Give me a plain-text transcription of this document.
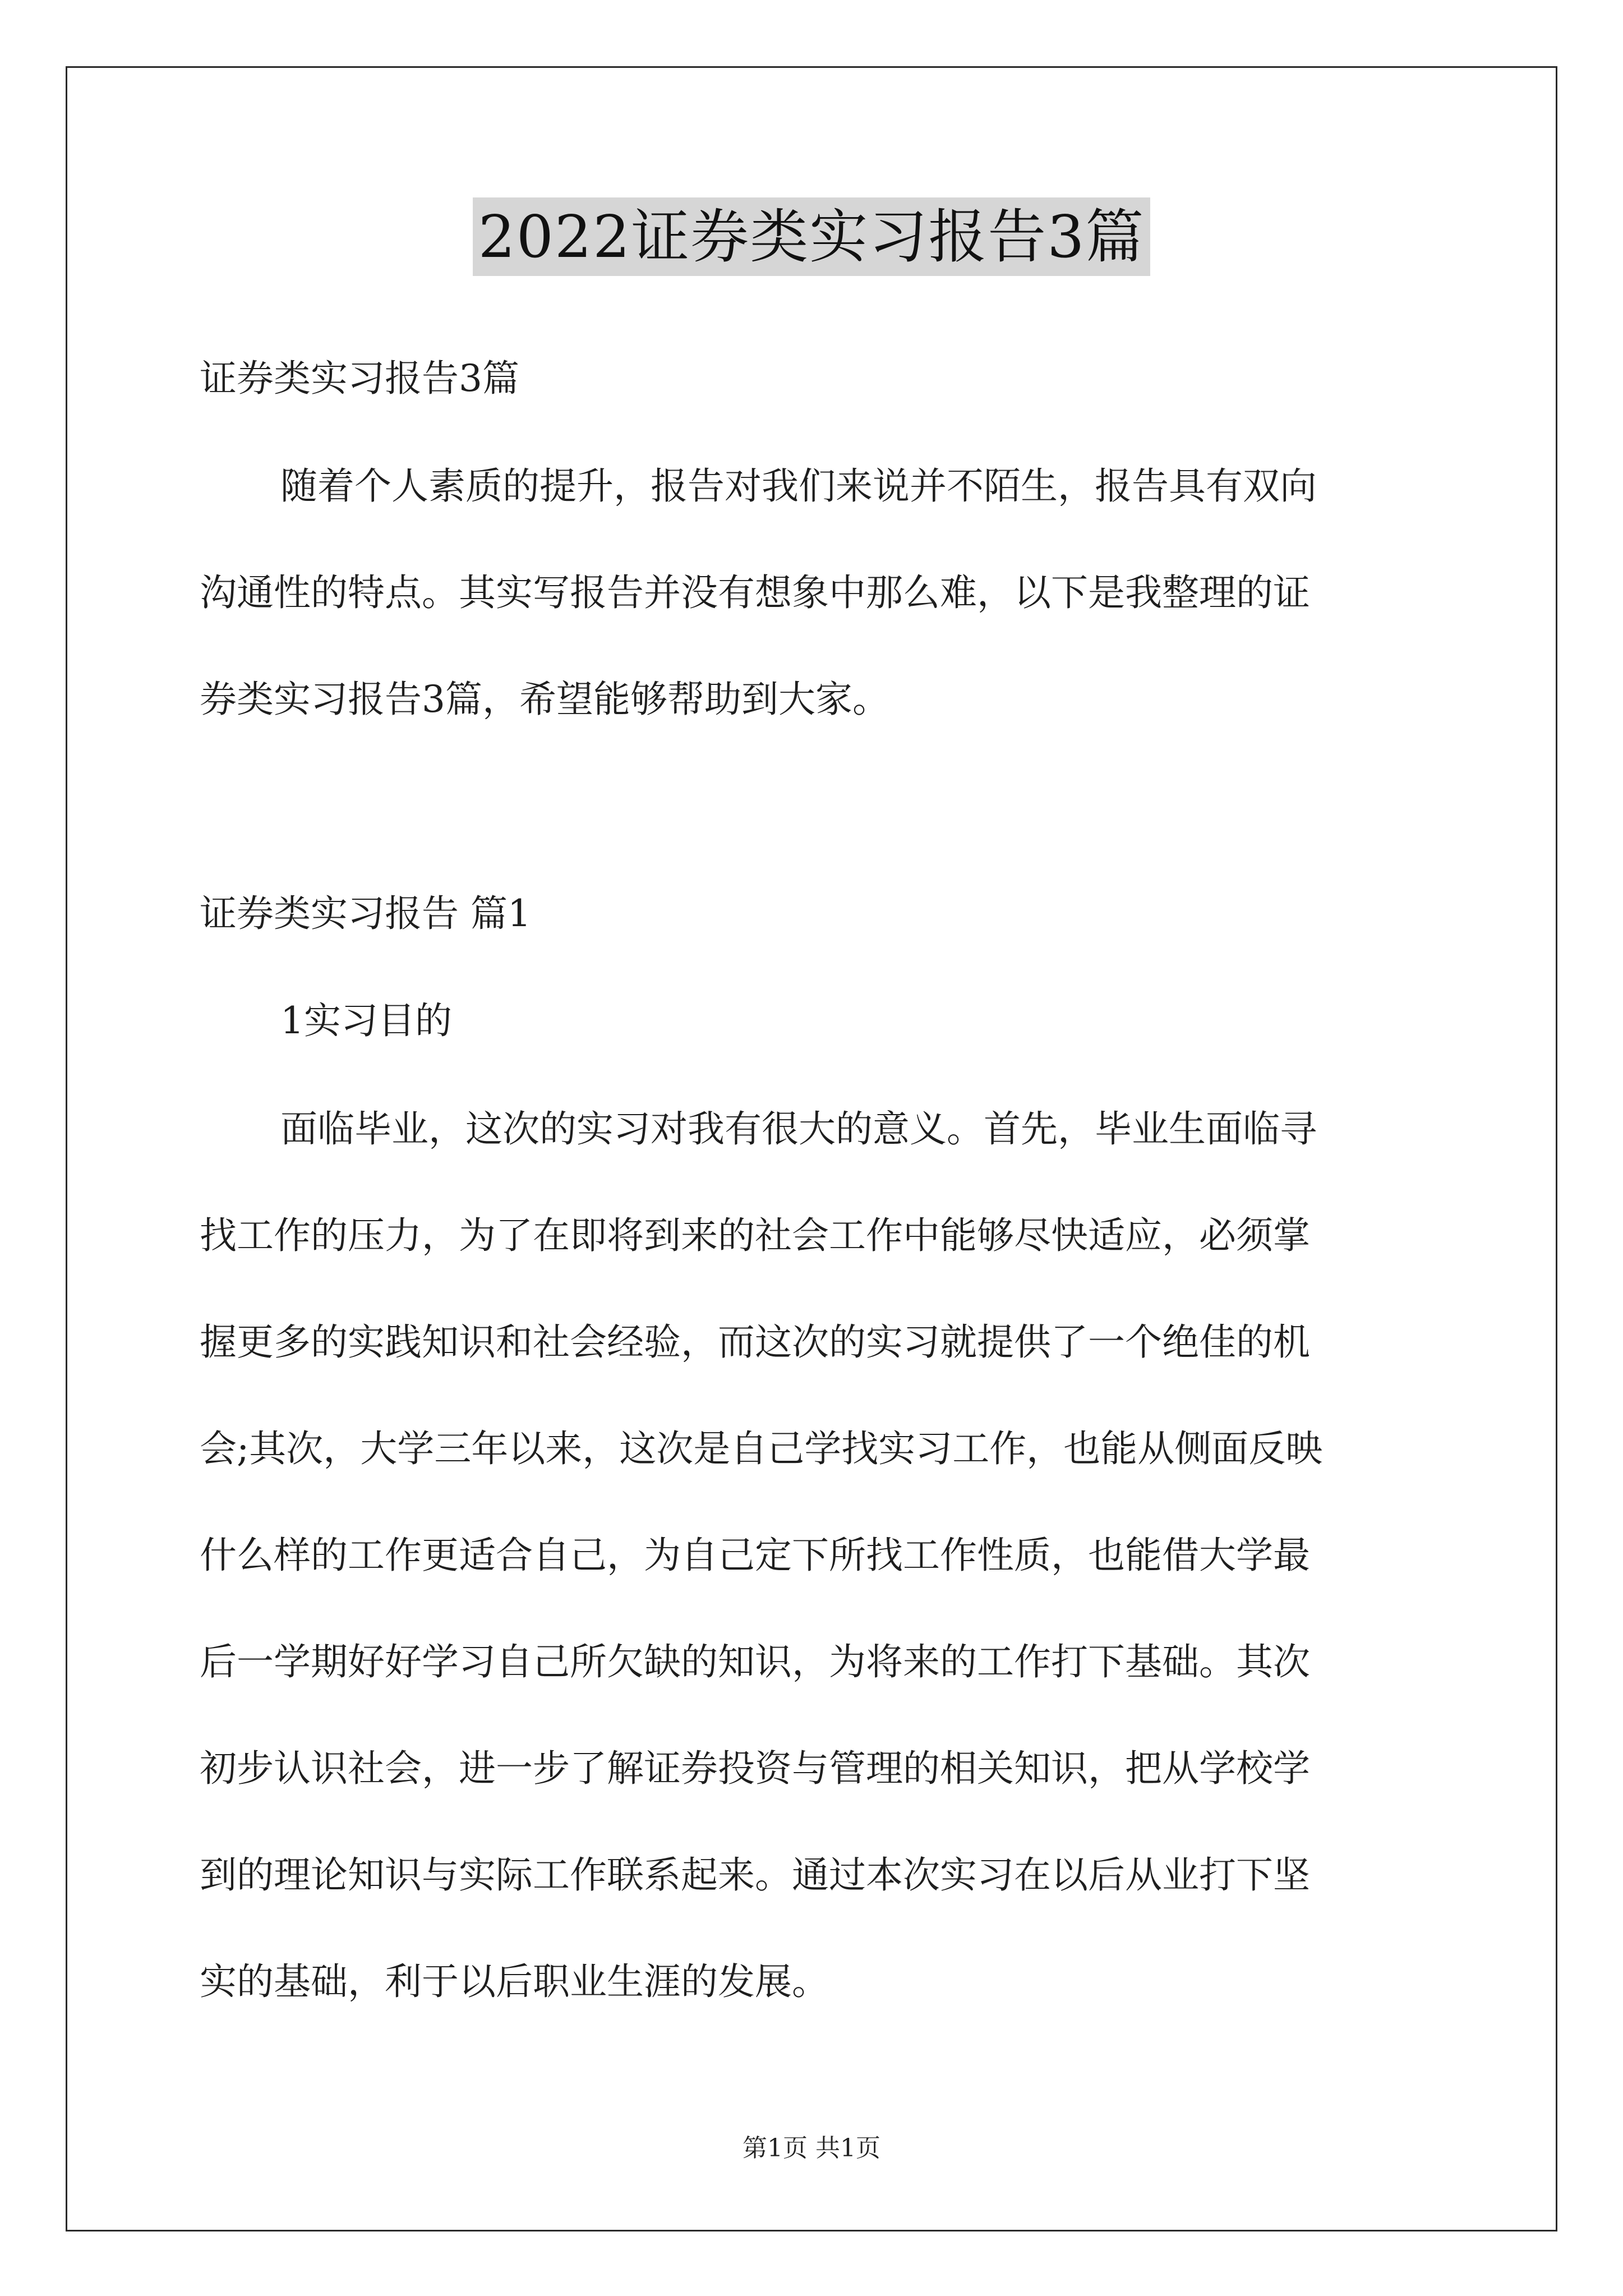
2022证券类实习报告3篇
证券类实习报告3篇
随着个人素质的提升，报告对我们来说并不陌生，报告具有双向
沟通性的特点。其实写报告并没有想象中那么难，以下是我整理的证
券类实习报告3篇，希望能够帮助到大家。
证券类实习报告 篇1
1实习目的
面临毕业，这次的实习对我有很大的意义。首先，毕业生面临寻
找工作的压力，为了在即将到来的社会工作中能够尽快适应，必须掌
握更多的实践知识和社会经验，而这次的实习就提供了一个绝佳的机
会;其次，大学三年以来，这次是自己学找实习工作，也能从侧面反映
什么样的工作更适合自己，为自己定下所找工作性质，也能借大学最
后一学期好好学习自己所欠缺的知识，为将来的工作打下基础。其次
初步认识社会，进一步了解证券投资与管理的相关知识，把从学校学
到的理论知识与实际工作联系起来。通过本次实习在以后从业打下坚
实的基础，利于以后职业生涯的发展。
第1页 共1页
